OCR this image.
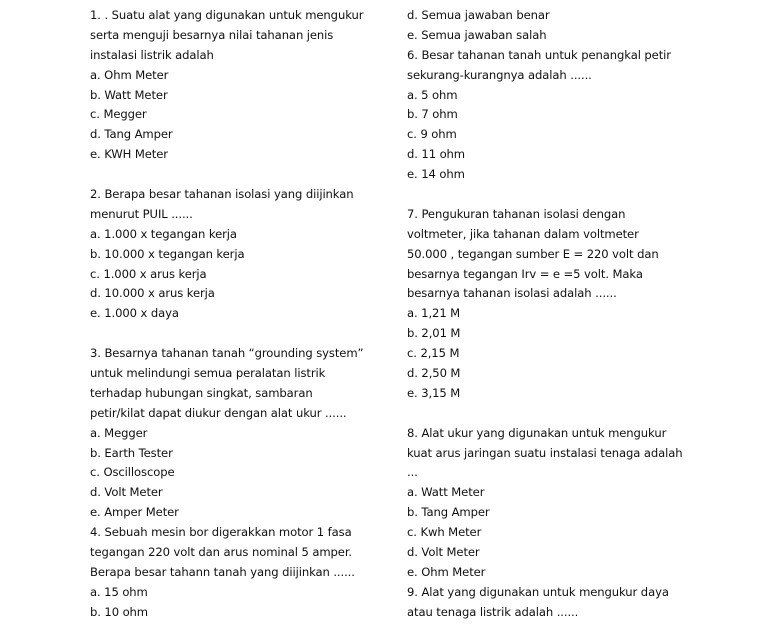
1. . Suatu alat yang digunakan untuk mengukur
serta menguji besarnya nilai tahanan jenis
instalasi listrik adalah
a. Ohm Meter
b. Watt Meter
c. Megger
d. Tang Amper
e. KWH Meter
2. Berapa besar tahanan isolasi yang diijinkan
menurut PUIL ......
a. 1.000 x tegangan kerja
b. 10.000 x tegangan kerja
c. 1.000 x arus kerja
d. 10.000 x arus kerja
e. 1.000 x daya
3. Besarnya tahanan tanah “grounding system”
untuk melindungi semua peralatan listrik
terhadap hubungan singkat, sambaran
petir/kilat dapat diukur dengan alat ukur ......
a. Megger
b. Earth Tester
c. Oscilloscope
d. Volt Meter
e. Amper Meter
4. Sebuah mesin bor digerakkan motor 1 fasa
tegangan 220 volt dan arus nominal 5 amper.
Berapa besar tahann tanah yang diijinkan ......
a. 15 ohm
b. 10 ohm
d. Semua jawaban benar
e. Semua jawaban salah
6. Besar tahanan tanah untuk penangkal petir
sekurang-kurangnya adalah ......
a. 5 ohm
b. 7 ohm
c. 9 ohm
d. 11 ohm
e. 14 ohm
7. Pengukuran tahanan isolasi dengan
voltmeter, jika tahanan dalam voltmeter
50.000 , tegangan sumber E = 220 volt dan
besarnya tegangan Irv = e =5 volt. Maka
besarnya tahanan isolasi adalah ......
a. 1,21 M
b. 2,01 M
c. 2,15 M
d. 2,50 M
e. 3,15 M
8. Alat ukur yang digunakan untuk mengukur
kuat arus jaringan suatu instalasi tenaga adalah
...
a. Watt Meter
b. Tang Amper
c. Kwh Meter
d. Volt Meter
e. Ohm Meter
9. Alat yang digunakan untuk mengukur daya
atau tenaga listrik adalah ......
